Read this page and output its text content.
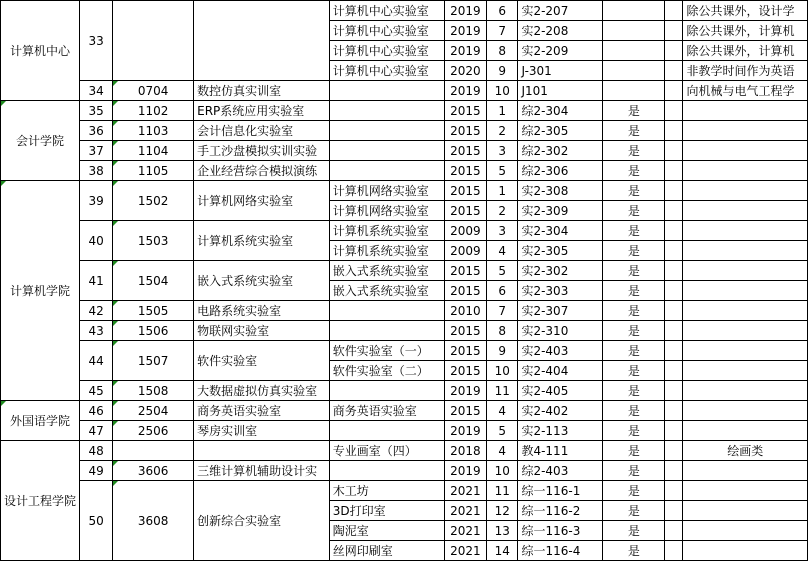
计算机中心	33			计算机中心实验室	2019	6	实2-207			除公共课外，设计学
				计算机中心实验室	2019	7	实2-208			除公共课外，计算机
				计算机中心实验室	2019	8	实2-209			除公共课外，计算机
				计算机中心实验室	2020	9	J-301			非教学时间作为英语
	34	0704	数控仿真实训室		2019	10	J101			向机械与电气工程学
会计学院	35	1102	ERP系统应用实验室		2015	1	综2-304	是		
	36	1103	会计信息化实验室		2015	2	综2-305	是		
	37	1104	手工沙盘模拟实训实验		2015	3	综2-302	是		
	38	1105	企业经营综合模拟演练		2015	5	综2-306	是		
计算机学院	39	1502	计算机网络实验室	计算机网络实验室	2015	1	实2-308	是		
				计算机网络实验室	2015	2	实2-309	是		
	40	1503	计算机系统实验室	计算机系统实验室	2009	3	实2-304	是		
				计算机系统实验室	2009	4	实2-305	是		
	41	1504	嵌入式系统实验室	嵌入式系统实验室	2015	5	实2-302	是		
				嵌入式系统实验室	2015	6	实2-303	是		
	42	1505	电路系统实验室		2010	7	实2-307	是		
	43	1506	物联网实验室		2015	8	实2-310	是		
	44	1507	软件实验室	软件实验室（一）	2015	9	实2-403	是		
				软件实验室（二）	2015	10	实2-404	是		
	45	1508	大数据虚拟仿真实验室		2019	11	实2-405	是		
外国语学院	46	2504	商务英语实验室	商务英语实验室	2015	4	实2-402	是		
	47	2506	琴房实训室		2019	5	实2-113	是		
设计工程学院	48			专业画室（四）	2018	4	教4-111	是		绘画类
	49	3606	三维计算机辅助设计实		2019	10	综2-403	是		
	50	3608	创新综合实验室	木工坊	2021	11	综一116-1	是		
				3D打印室	2021	12	综一116-2	是		
				陶泥室	2021	13	综一116-3	是		
				丝网印刷室	2021	14	综一116-4	是		
